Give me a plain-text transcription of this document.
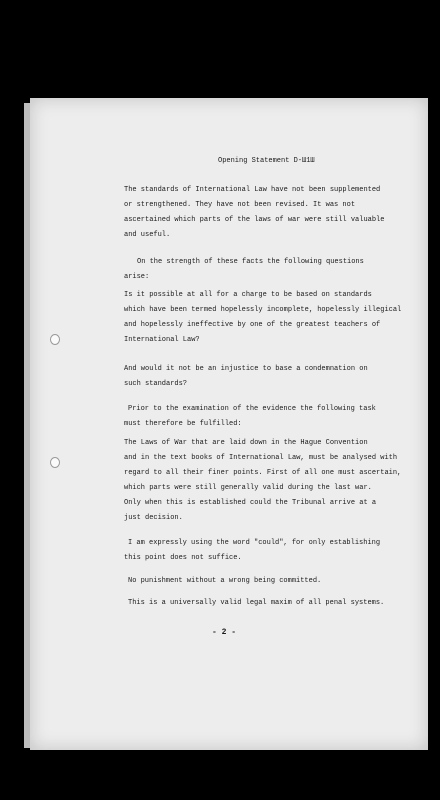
Opening Statement D-Ш1Ш
The standards of International Law have not been supplemented
or strengthened. They have not been revised. It was not
ascertained which parts of the laws of war were still valuable
and useful.
On the strength of these facts the following questions
arise:
Is it possible at all for a charge to be based on standards
which have been termed hopelessly incomplete, hopelessly illegical
and hopelessly ineffective by one of the greatest teachers of
International Law?
And would it not be an injustice to base a condemnation on
such standards?
Prior to the examination of the evidence the following task
must therefore be fulfilled:
The Laws of War that are laid down in the Hague Convention
and in the text books of International Law, must be analysed with
regard to all their finer points. First of all one must ascertain,
which parts were still generally valid during the last war.
Only when this is established could the Tribunal arrive at a
just decision.
I am expressly using the word "could", for only establishing
this point does not suffice.
No punishment without a wrong being committed.
This is a universally valid legal maxim of all penal systems.
- 2 -
